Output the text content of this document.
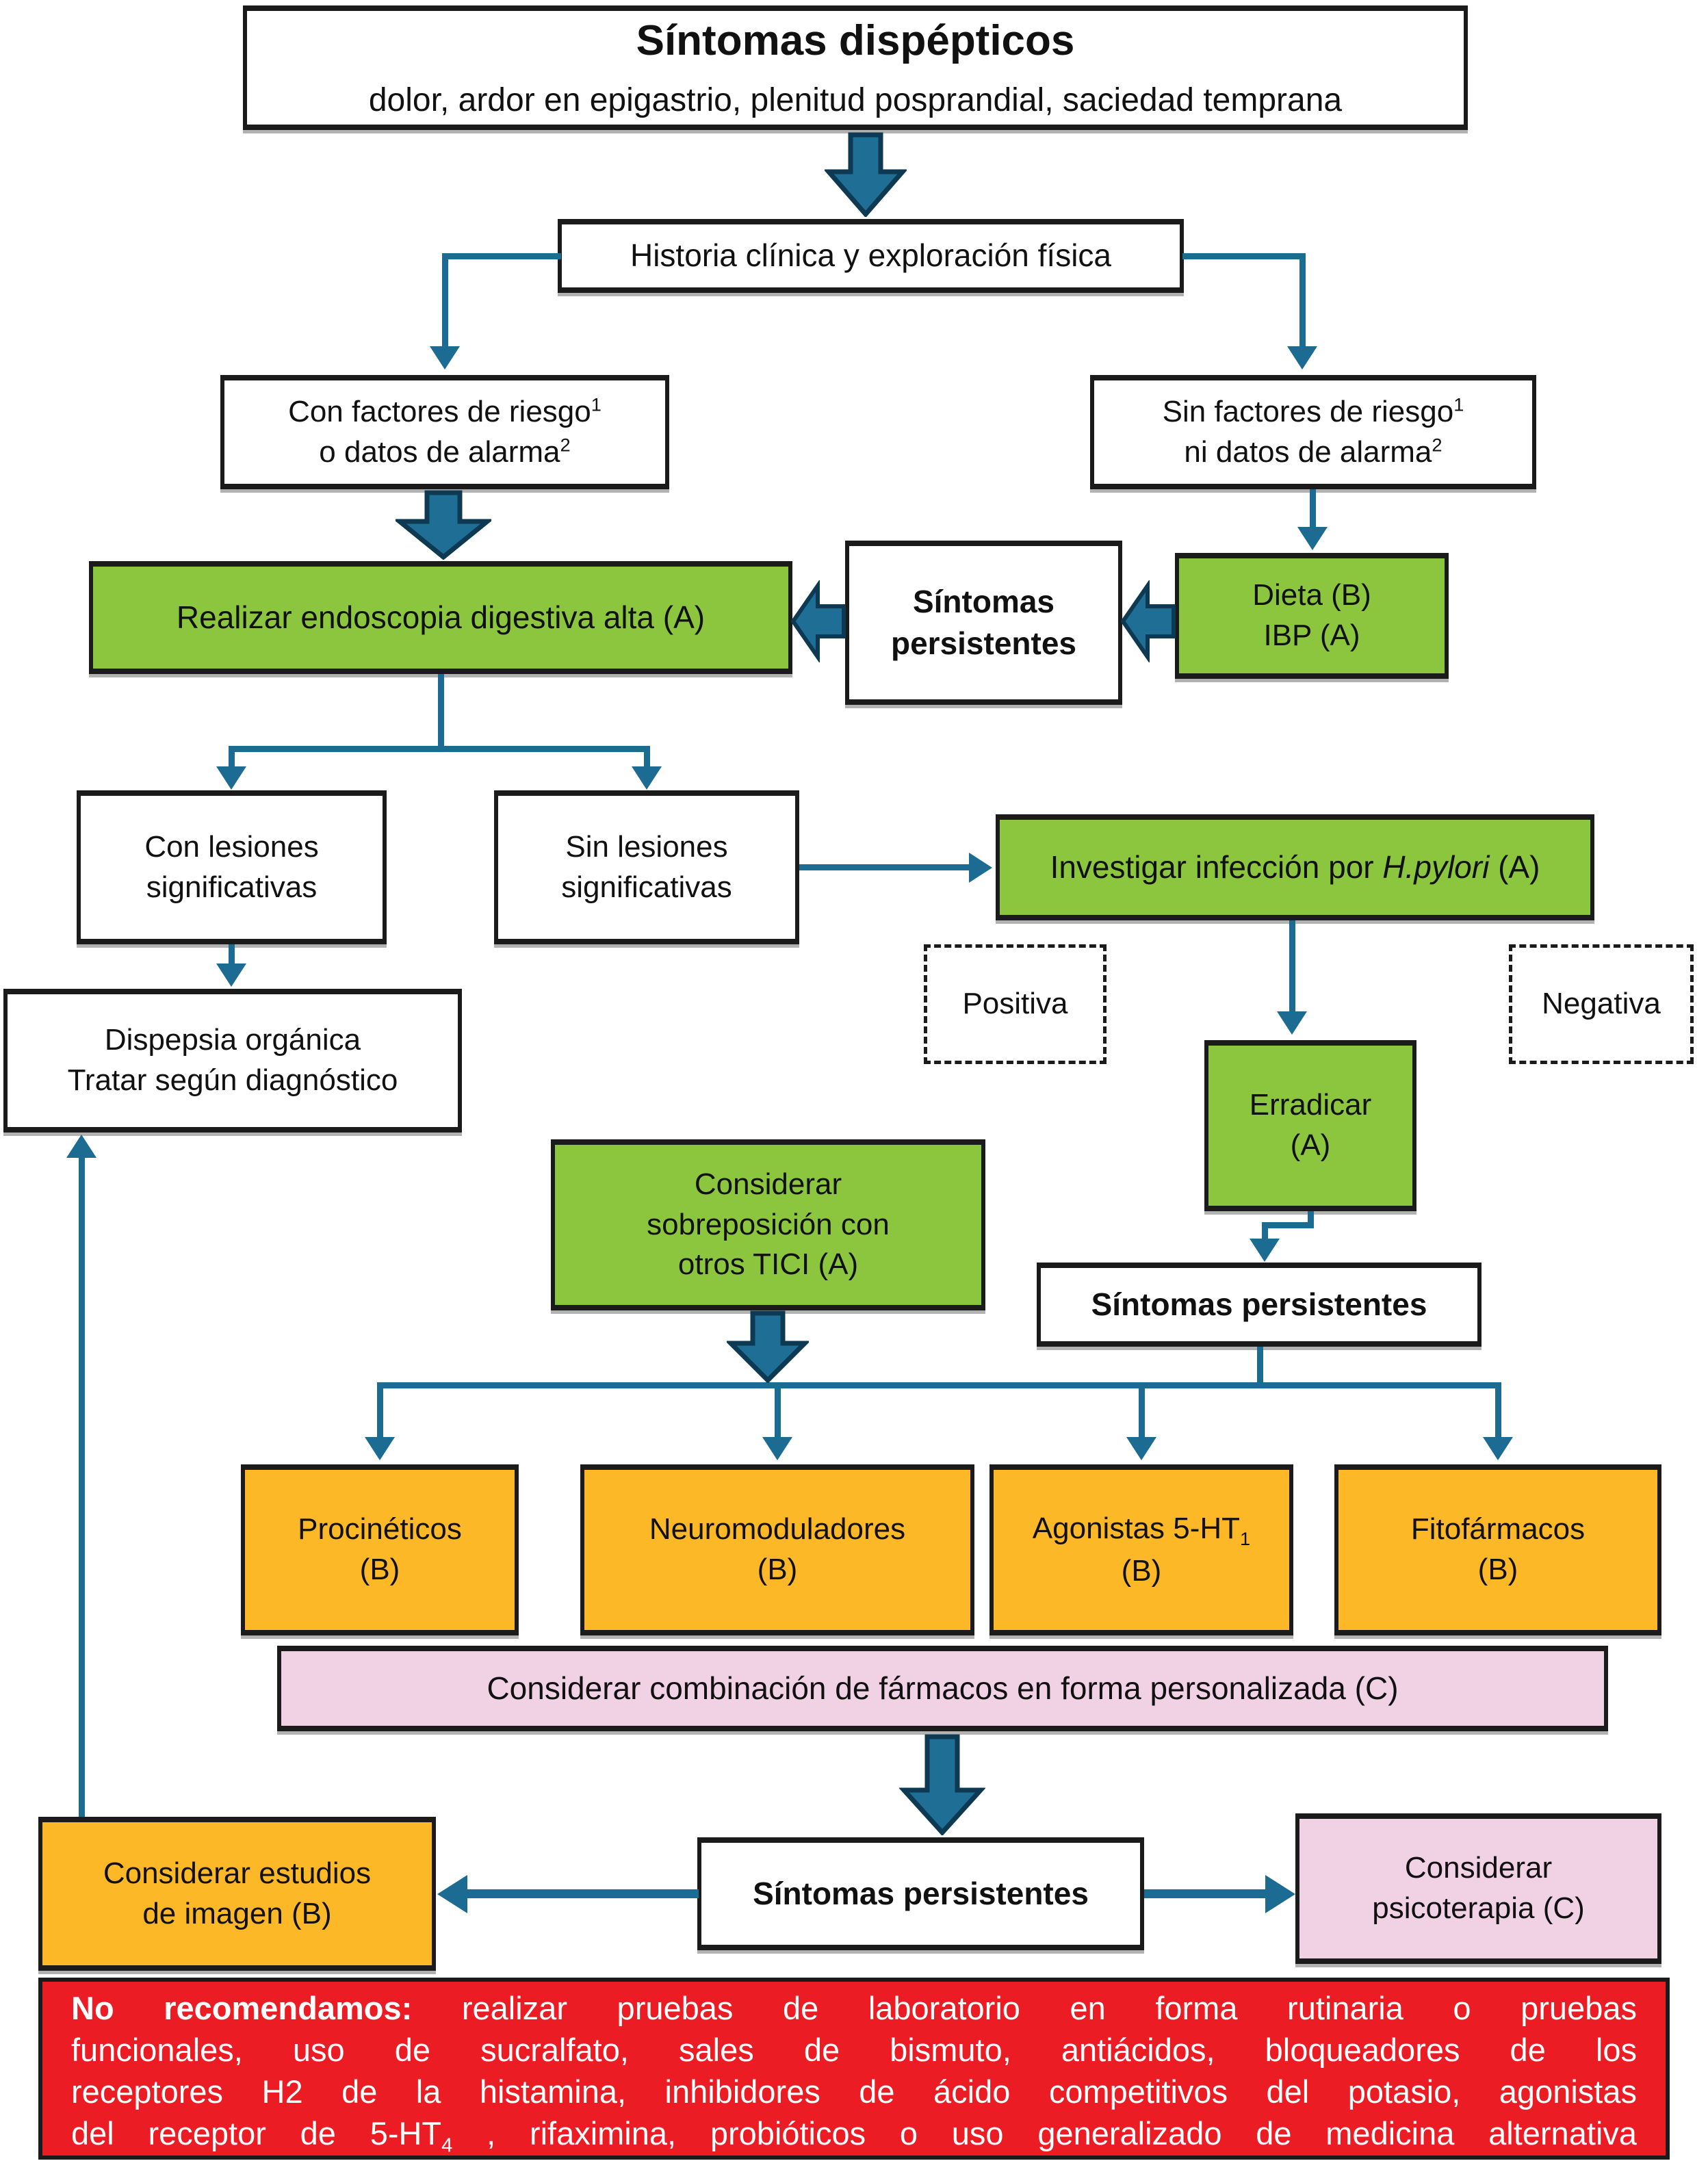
Síntomas dispépticos
dolor, ardor en epigastrio, plenitud posprandial, saciedad temprana
Historia clínica y exploración física
Con factores de riesgo$^1$
o datos de alarma$^2$
Sin factores de riesgo$^1$
ni datos de alarma$^2$
Realizar endoscopia digestiva alta (A)	Síntomas
persistentes
Dieta (B)
IBP (A)
Con lesiones
significativas
Sin lesiones
significativas
Investigar infección por H.pylori (A)
Positiva	Negativa
Dispepsia orgánica
Tratar según diagnóstico
Erradicar
(A)
Considerar
sobreposición con
otros TICI (A)
Síntomas persistentes
Procinéticos
(B)
Neuromoduladores
(B)
Agonistas $5-HT_1$
(B)
Fitofármacos
(B)
Considerar combinación de fármacos en forma personalizada (C)
Considerar estudios
de imagen (B)
Síntomas persistentes
Considerar
psicoterapia (C)
No recomendamos: realizar pruebas de laboratorio en forma rutinaria o pruebas
funcionales, uso de sucralfato, sales de bismuto, antiácidos, bloqueadores de los
receptores H2 de la histamina, inhibidores de ácido competitivos del potasio, agonistas
del receptor de $5-HT_4$ , rifaximina, probióticos o uso generalizado de medicina alternativa
